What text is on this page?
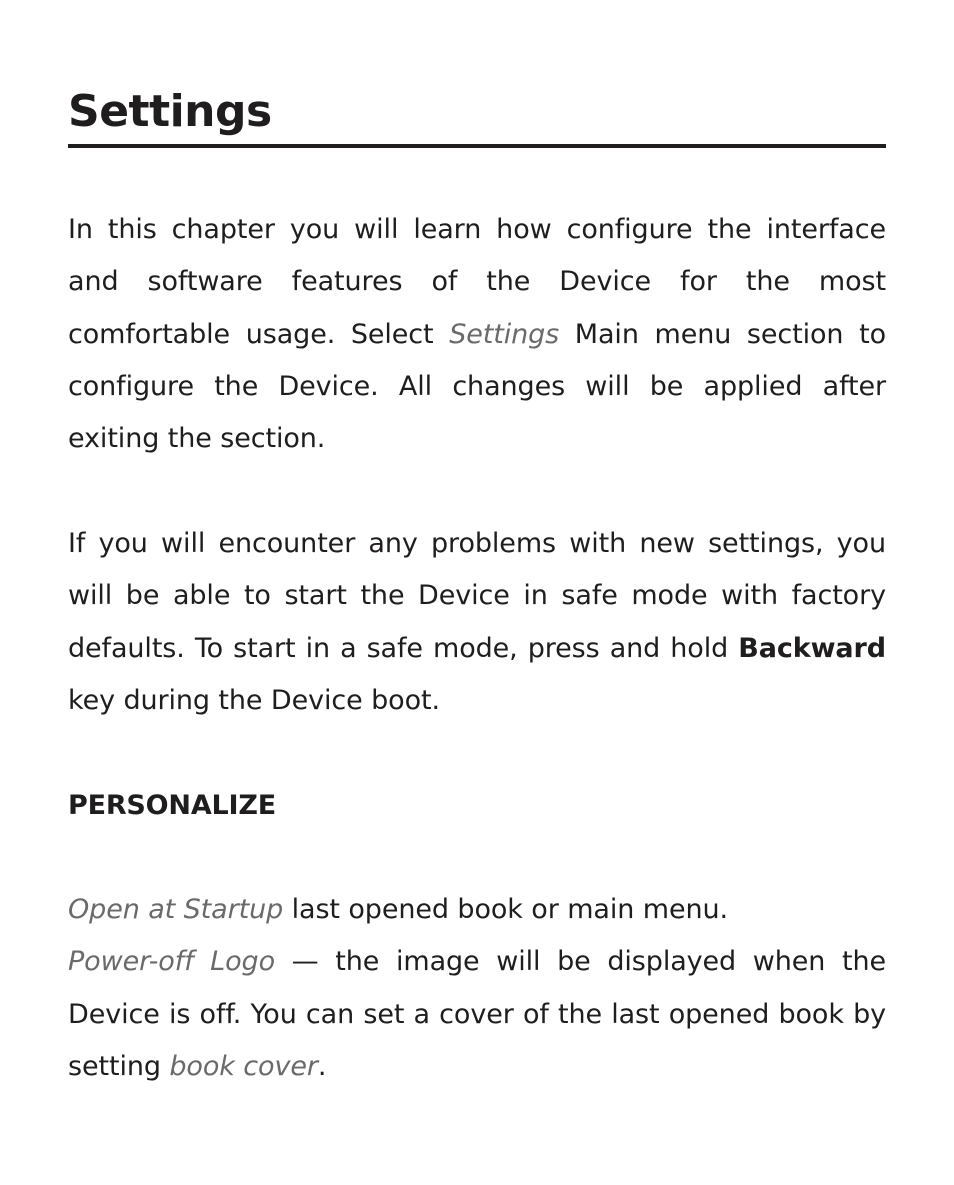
Settings

In this chapter you will learn how configure the interface and software features of the Device for the most comfortable usage. Select Settings Main menu section to configure the Device. All changes will be applied after exiting the section.

If you will encounter any problems with new settings, you will be able to start the Device in safe mode with factory defaults. To start in a safe mode, press and hold Backward key during the Device boot.

PERSONALIZE
Open at Startup last opened book or main menu.
Power-off Logo — the image will be displayed when the Device is off. You can set a cover of the last opened book by setting book cover.
